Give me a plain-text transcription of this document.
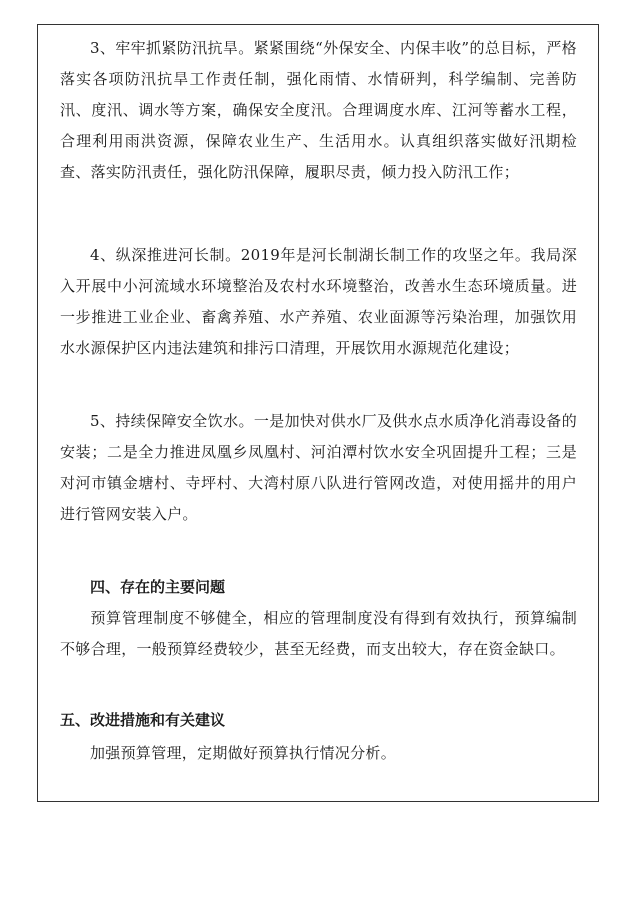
3、牢牢抓紧防汛抗旱。紧紧围绕“外保安全、内保丰收”的总目标，严格落实各项防汛抗旱工作责任制，强化雨情、水情研判，科学编制、完善防汛、度汛、调水等方案，确保安全度汛。合理调度水库、江河等蓄水工程，合理利用雨洪资源，保障农业生产、生活用水。认真组织落实做好汛期检查、落实防汛责任，强化防汛保障，履职尽责，倾力投入防汛工作；

4、纵深推进河长制。2019年是河长制湖长制工作的攻坚之年。我局深入开展中小河流域水环境整治及农村水环境整治，改善水生态环境质量。进一步推进工业企业、畜禽养殖、水产养殖、农业面源等污染治理，加强饮用水水源保护区内违法建筑和排污口清理，开展饮用水源规范化建设；

5、持续保障安全饮水。一是加快对供水厂及供水点水质净化消毒设备的安装；二是全力推进凤凰乡凤凰村、河泊潭村饮水安全巩固提升工程；三是对河市镇金塘村、寺坪村、大湾村原八队进行管网改造，对使用摇井的用户进行管网安装入户。

四、存在的主要问题

预算管理制度不够健全，相应的管理制度没有得到有效执行，预算编制不够合理，一般预算经费较少，甚至无经费，而支出较大，存在资金缺口。

五、改进措施和有关建议

加强预算管理，定期做好预算执行情况分析。
